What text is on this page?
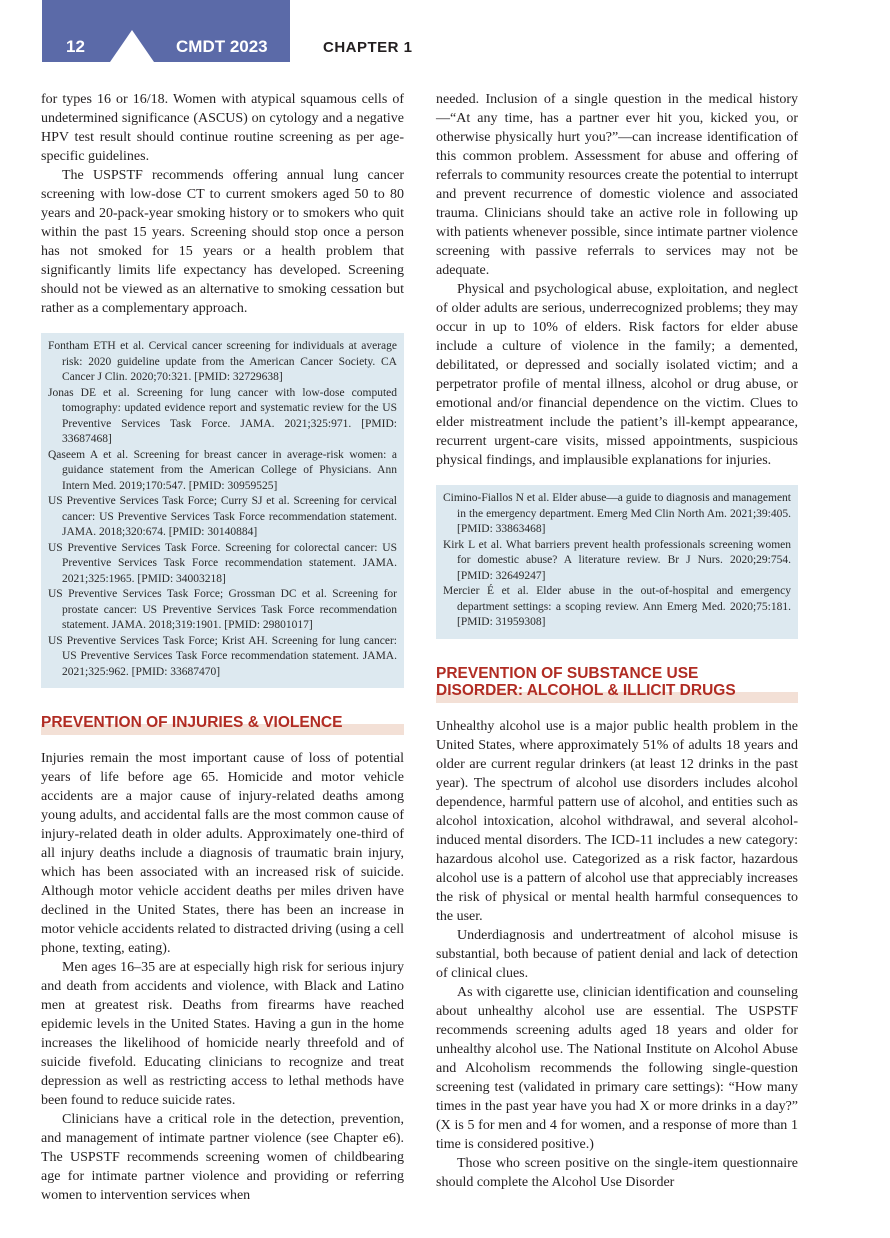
12	CMDT 2023	CHAPTER 1

for types 16 or 16/18. Women with atypical squamous cells of undetermined significance (ASCUS) on cytology and a negative HPV test result should continue routine screening as per age-specific guidelines.

The USPSTF recommends offering annual lung cancer screening with low-dose CT to current smokers aged 50 to 80 years and 20-pack-year smoking history or to smokers who quit within the past 15 years. Screening should stop once a person has not smoked for 15 years or a health problem that significantly limits life expectancy has developed. Screening should not be viewed as an alternative to smoking cessation but rather as a complementary approach.

Fontham ETH et al. Cervical cancer screening for individuals at average risk: 2020 guideline update from the American Cancer Society. CA Cancer J Clin. 2020;70:321. [PMID: 32729638]

Jonas DE et al. Screening for lung cancer with low-dose computed tomography: updated evidence report and systematic review for the US Preventive Services Task Force. JAMA. 2021;325:971. [PMID: 33687468]

Qaseem A et al. Screening for breast cancer in average-risk women: a guidance statement from the American College of Physicians. Ann Intern Med. 2019;170:547. [PMID: 30959525]

US Preventive Services Task Force; Curry SJ et al. Screening for cervical cancer: US Preventive Services Task Force recommendation statement. JAMA. 2018;320:674. [PMID: 30140884]

US Preventive Services Task Force. Screening for colorectal cancer: US Preventive Services Task Force recommendation statement. JAMA. 2021;325:1965. [PMID: 34003218]

US Preventive Services Task Force; Grossman DC et al. Screening for prostate cancer: US Preventive Services Task Force recommendation statement. JAMA. 2018;319:1901. [PMID: 29801017]

US Preventive Services Task Force; Krist AH. Screening for lung cancer: US Preventive Services Task Force recommendation statement. JAMA. 2021;325:962. [PMID: 33687470]

PREVENTION OF INJURIES & VIOLENCE

Injuries remain the most important cause of loss of potential years of life before age 65. Homicide and motor vehicle accidents are a major cause of injury-related deaths among young adults, and accidental falls are the most common cause of injury-related death in older adults. Approximately one-third of all injury deaths include a diagnosis of traumatic brain injury, which has been associated with an increased risk of suicide. Although motor vehicle accident deaths per miles driven have declined in the United States, there has been an increase in motor vehicle accidents related to distracted driving (using a cell phone, texting, eating).

Men ages 16–35 are at especially high risk for serious injury and death from accidents and violence, with Black and Latino men at greatest risk. Deaths from firearms have reached epidemic levels in the United States. Having a gun in the home increases the likelihood of homicide nearly threefold and of suicide fivefold. Educating clinicians to recognize and treat depression as well as restricting access to lethal methods have been found to reduce suicide rates.

Clinicians have a critical role in the detection, prevention, and management of intimate partner violence (see Chapter e6). The USPSTF recommends screening women of childbearing age for intimate partner violence and providing or referring women to intervention services when

needed. Inclusion of a single question in the medical history—“At any time, has a partner ever hit you, kicked you, or otherwise physically hurt you?”—can increase identification of this common problem. Assessment for abuse and offering of referrals to community resources create the potential to interrupt and prevent recurrence of domestic violence and associated trauma. Clinicians should take an active role in following up with patients whenever possible, since intimate partner violence screening with passive referrals to services may not be adequate.

Physical and psychological abuse, exploitation, and neglect of older adults are serious, underrecognized problems; they may occur in up to 10% of elders. Risk factors for elder abuse include a culture of violence in the family; a demented, debilitated, or depressed and socially isolated victim; and a perpetrator profile of mental illness, alcohol or drug abuse, or emotional and/or financial dependence on the victim. Clues to elder mistreatment include the patient’s ill-kempt appearance, recurrent urgent-care visits, missed appointments, suspicious physical findings, and implausible explanations for injuries.

Cimino-Fiallos N et al. Elder abuse—a guide to diagnosis and management in the emergency department. Emerg Med Clin North Am. 2021;39:405. [PMID: 33863468]

Kirk L et al. What barriers prevent health professionals screening women for domestic abuse? A literature review. Br J Nurs. 2020;29:754. [PMID: 32649247]

Mercier É et al. Elder abuse in the out-of-hospital and emergency department settings: a scoping review. Ann Emerg Med. 2020;75:181. [PMID: 31959308]

PREVENTION OF SUBSTANCE USE
DISORDER: ALCOHOL & ILLICIT DRUGS

Unhealthy alcohol use is a major public health problem in the United States, where approximately 51% of adults 18 years and older are current regular drinkers (at least 12 drinks in the past year). The spectrum of alcohol use disorders includes alcohol dependence, harmful pattern use of alcohol, and entities such as alcohol intoxication, alcohol withdrawal, and several alcohol-induced mental disorders. The ICD-11 includes a new category: hazardous alcohol use. Categorized as a risk factor, hazardous alcohol use is a pattern of alcohol use that appreciably increases the risk of physical or mental health harmful consequences to the user.

Underdiagnosis and undertreatment of alcohol misuse is substantial, both because of patient denial and lack of detection of clinical clues.

As with cigarette use, clinician identification and counseling about unhealthy alcohol use are essential. The USPSTF recommends screening adults aged 18 years and older for unhealthy alcohol use. The National Institute on Alcohol Abuse and Alcoholism recommends the following single-question screening test (validated in primary care settings): “How many times in the past year have you had X or more drinks in a day?” (X is 5 for men and 4 for women, and a response of more than 1 time is considered positive.)

Those who screen positive on the single-item questionnaire should complete the Alcohol Use Disorder
